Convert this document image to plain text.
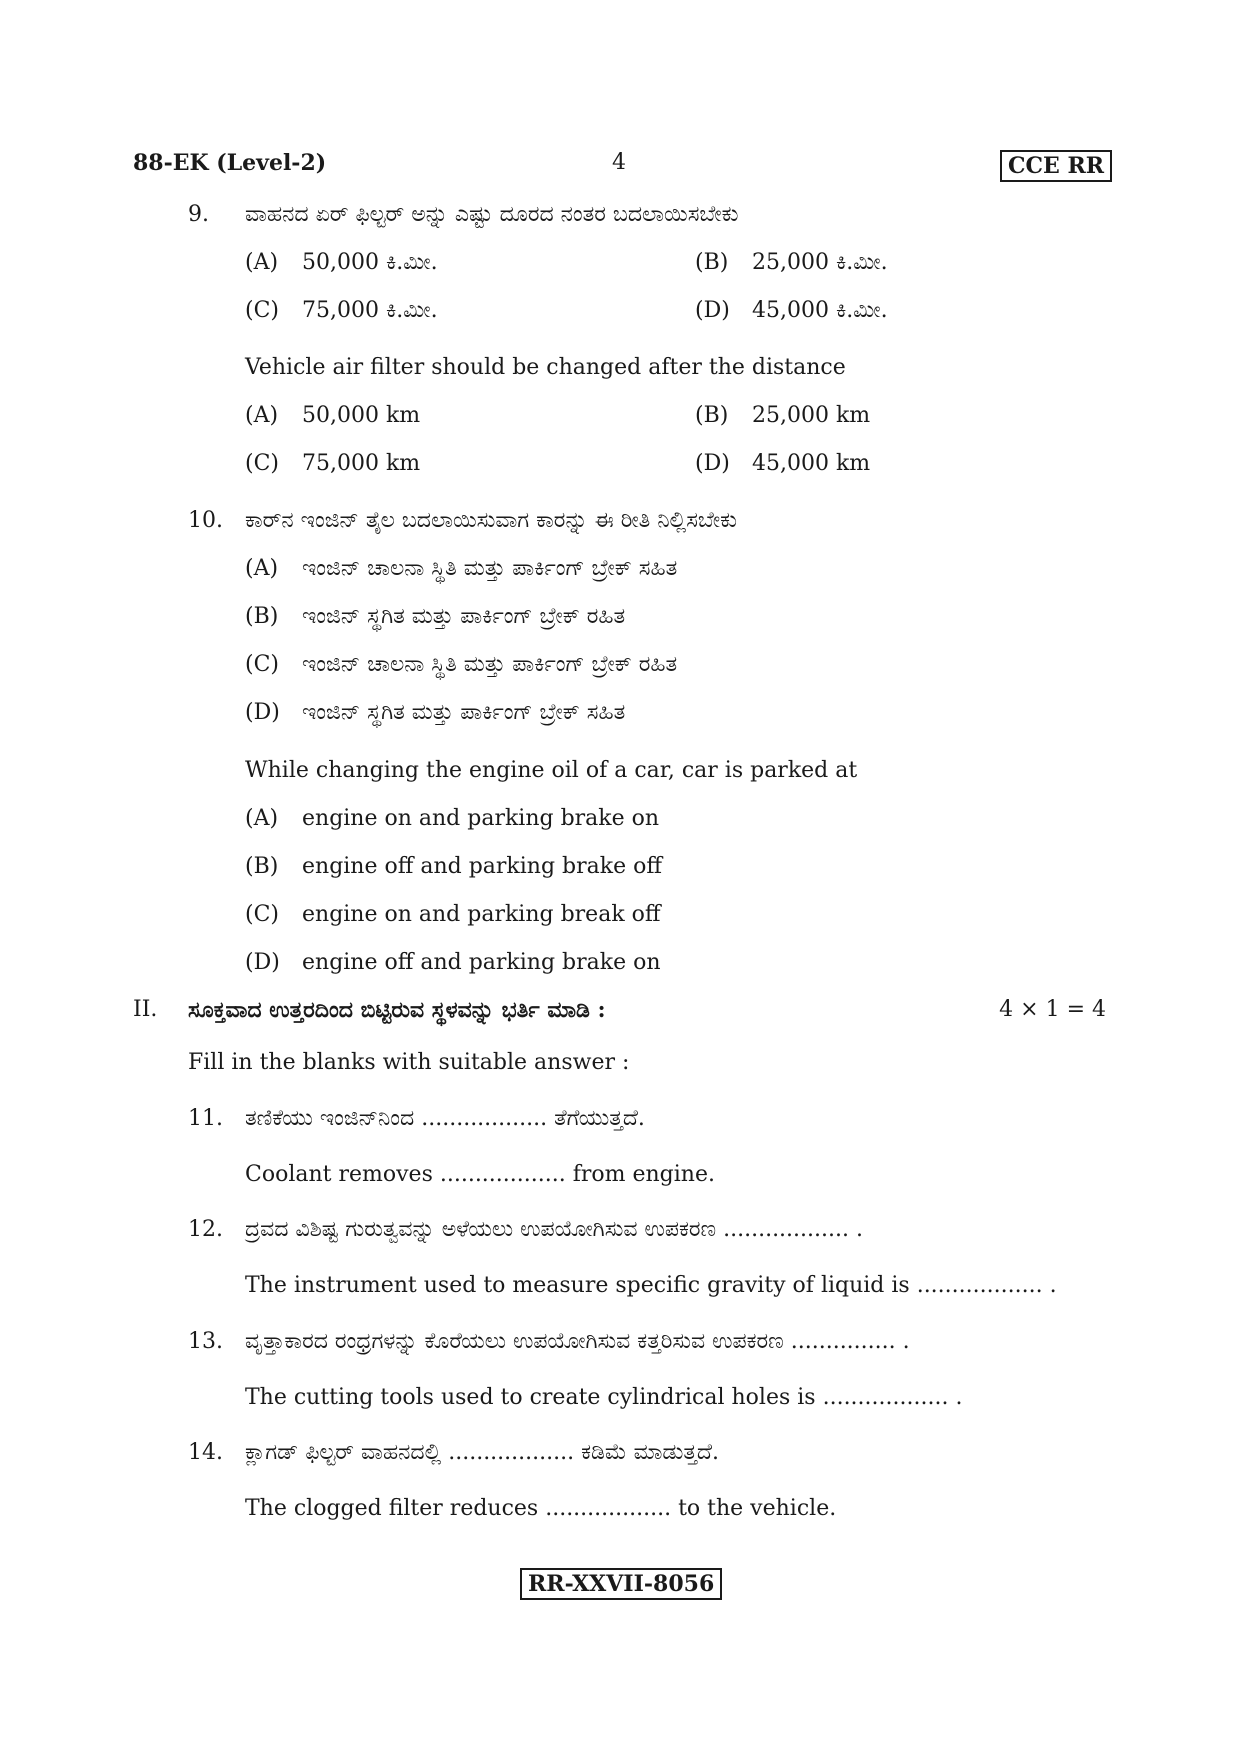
88-EK (Level-2)	4	CCE RR
9. ವಾಹನದ ಏರ್ ಫಿಲ್ಟರ್ ಅನ್ನು ಎಷ್ಟು ದೂರದ ನಂತರ ಬದಲಾಯಿಸಬೇಕು
(A) 50,000 ಕಿ.ಮೀ.	(B) 25,000 ಕಿ.ಮೀ.
(C) 75,000 ಕಿ.ಮೀ.	(D) 45,000 ಕಿ.ಮೀ.
Vehicle air filter should be changed after the distance
(A) 50,000 km	(B) 25,000 km
(C) 75,000 km	(D) 45,000 km
10. ಕಾರ್‌ನ ಇಂಜಿನ್ ತೈಲ ಬದಲಾಯಿಸುವಾಗ ಕಾರನ್ನು ಈ ರೀತಿ ನಿಲ್ಲಿಸಬೇಕು
(A) ಇಂಜಿನ್ ಚಾಲನಾ ಸ್ಥಿತಿ ಮತ್ತು ಪಾರ್ಕಿಂಗ್ ಬ್ರೇಕ್ ಸಹಿತ
(B) ಇಂಜಿನ್ ಸ್ಥಗಿತ ಮತ್ತು ಪಾರ್ಕಿಂಗ್ ಬ್ರೇಕ್ ರಹಿತ
(C) ಇಂಜಿನ್ ಚಾಲನಾ ಸ್ಥಿತಿ ಮತ್ತು ಪಾರ್ಕಿಂಗ್ ಬ್ರೇಕ್ ರಹಿತ
(D) ಇಂಜಿನ್ ಸ್ಥಗಿತ ಮತ್ತು ಪಾರ್ಕಿಂಗ್ ಬ್ರೇಕ್ ಸಹಿತ
While changing the engine oil of a car, car is parked at
(A) engine on and parking brake on
(B) engine off and parking brake off
(C) engine on and parking break off
(D) engine off and parking brake on
II. ಸೂಕ್ತವಾದ ಉತ್ತರದಿಂದ ಬಿಟ್ಟಿರುವ ಸ್ಥಳವನ್ನು ಭರ್ತಿ ಮಾಡಿ :	4 × 1 = 4
Fill in the blanks with suitable answer :
11. ತಣಿಕೆಯು ಇಂಜಿನ್‌ನಿಂದ .................. ತೆಗೆಯುತ್ತದೆ.
Coolant removes .................. from engine.
12. ದ್ರವದ ವಿಶಿಷ್ಟ ಗುರುತ್ವವನ್ನು ಅಳೆಯಲು ಉಪಯೋಗಿಸುವ ಉಪಕರಣ .................. .
The instrument used to measure specific gravity of liquid is .................. .
13. ವೃತ್ತಾಕಾರದ ರಂಧ್ರಗಳನ್ನು ಕೊರೆಯಲು ಉಪಯೋಗಿಸುವ ಕತ್ತರಿಸುವ ಉಪಕರಣ ............... .
The cutting tools used to create cylindrical holes is .................. .
14. ಕ್ಲಾಗಡ್ ಫಿಲ್ಟರ್ ವಾಹನದಲ್ಲಿ .................. ಕಡಿಮೆ ಮಾಡುತ್ತದೆ.
The clogged filter reduces .................. to the vehicle.
RR-XXVII-8056
